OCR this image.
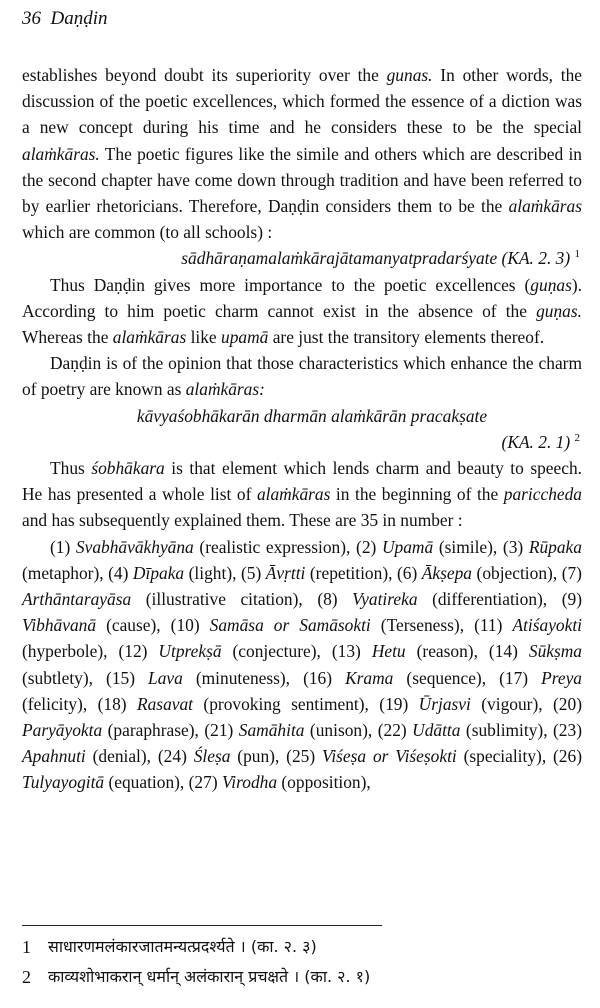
36  Daṇḍin

establishes beyond doubt its superiority over the gunas. In other words, the discussion of the poetic excellences, which formed the essence of a diction was a new concept during his time and he considers these to be the special alaṁkāras. The poetic figures like the simile and others which are described in the second chapter have come down through tradition and have been referred to by earlier rhetoricians. Therefore, Daṇḍin considers them to be the alaṁkāras which are common (to all schools) :

sādhāraṇamalaṁkārajātamanyatpradarśyate (KA. 2. 3) $^1$

Thus Daṇḍin gives more importance to the poetic excellences (guṇas). According to him poetic charm cannot exist in the absence of the guṇas. Whereas the alaṁkāras like upamā are just the transitory elements thereof.

Daṇḍin is of the opinion that those characteristics which enhance the charm of poetry are known as alaṁkāras:

kāvyaśobhākarān dharmān alaṁkārān pracakṣate

(KA. 2. 1) $^2$

Thus śobhākara is that element which lends charm and beauty to speech. He has presented a whole list of alaṁkāras in the beginning of the pariccheda and has subsequently explained them. These are 35 in number :

(1) Svabhāvākhyāna (realistic expression), (2) Upamā (simile), (3) Rūpaka (metaphor), (4) Dīpaka (light), (5) Āvṛtti (repetition), (6) Ākṣepa (objection), (7) Arthāntarayāsa (illustrative citation), (8) Vyatireka (differentiation), (9) Vibhāvanā (cause), (10) Samāsa or Samāsokti (Terseness), (11) Atiśayokti (hyperbole), (12) Utprekṣā (conjecture), (13) Hetu (reason), (14) Sūkṣma (subtlety), (15) Lava (minuteness), (16) Krama (sequence), (17) Preya (felicity), (18) Rasavat (provoking sentiment), (19) Ūrjasvi (vigour), (20) Paryāyokta (paraphrase), (21) Samāhita (unison), (22) Udātta (sublimity), (23) Apahnuti (denial), (24) Śleṣa (pun), (25) Viśeṣa or Viśeṣokti (speciality), (26) Tulyayogitā (equation), (27) Virodha (opposition),

1	साधारणमलंकारजातमन्यत्प्रदर्श्यते । (का. २. ३)
2	काव्यशोभाकरान् धर्मान् अलंकारान् प्रचक्षते । (का. २. १)
